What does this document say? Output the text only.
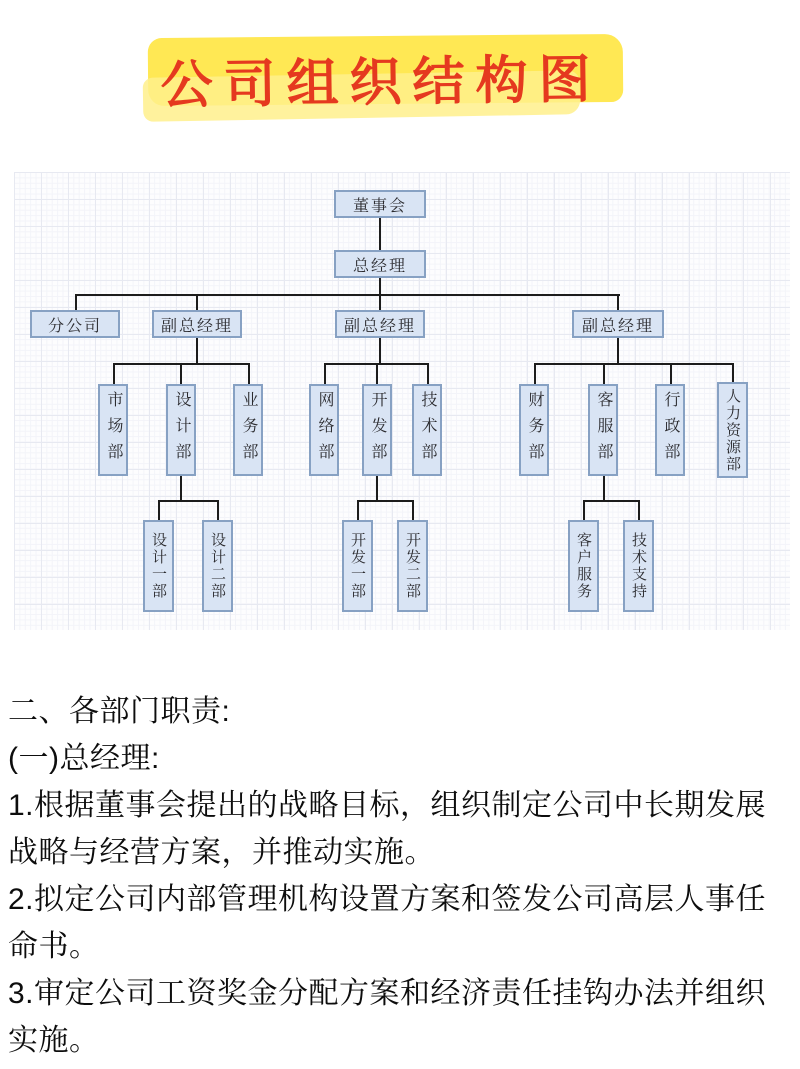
公司组织结构图
董事会
总经理
分公司	副总经理	副总经理	副总经理
市场部	设计部	业务部	网络部 开发部 技术部	财务部	客服部	行政部	人力资源部
设计一部	设计二部	开发一部	开发二部	客户服务	技术支持

二、各部门职责:

(一)总经理:

1.根据董事会提出的战略目标，组织制定公司中长期发展战略与经营方案，并推动实施。

2.拟定公司内部管理机构设置方案和签发公司高层人事任命书。

3.审定公司工资奖金分配方案和经济责任挂钩办法并组织实施。
